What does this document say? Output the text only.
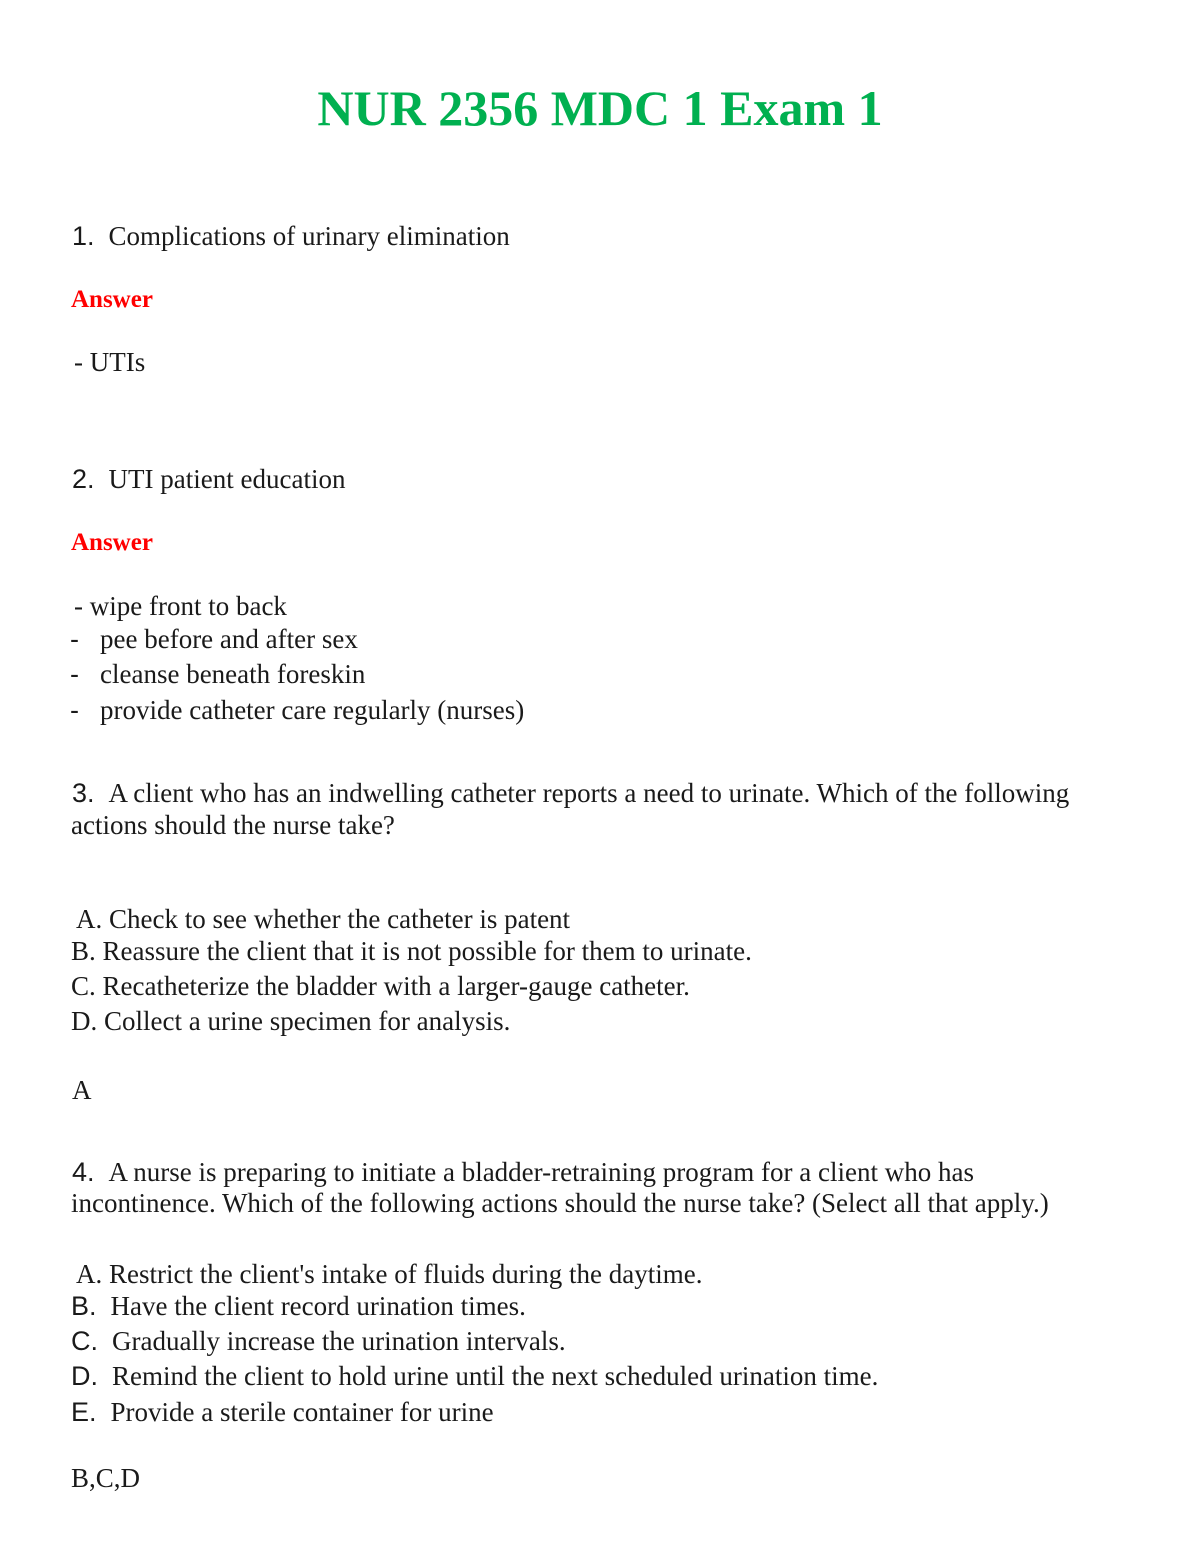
NUR 2356 MDC 1 Exam 1
1. Complications of urinary elimination
Answer
- UTIs
2. UTI patient education
Answer
- wipe front to back
- pee before and after sex
- cleanse beneath foreskin
- provide catheter care regularly (nurses)
3. A client who has an indwelling catheter reports a need to urinate. Which of the following
actions should the nurse take?
A. Check to see whether the catheter is patent
B. Reassure the client that it is not possible for them to urinate.
C. Recatheterize the bladder with a larger-gauge catheter.
D. Collect a urine specimen for analysis.
A
4. A nurse is preparing to initiate a bladder-retraining program for a client who has
incontinence. Which of the following actions should the nurse take? (Select all that apply.)
A. Restrict the client's intake of fluids during the daytime.
B. Have the client record urination times.
C. Gradually increase the urination intervals.
D. Remind the client to hold urine until the next scheduled urination time.
E. Provide a sterile container for urine
B,C,D
